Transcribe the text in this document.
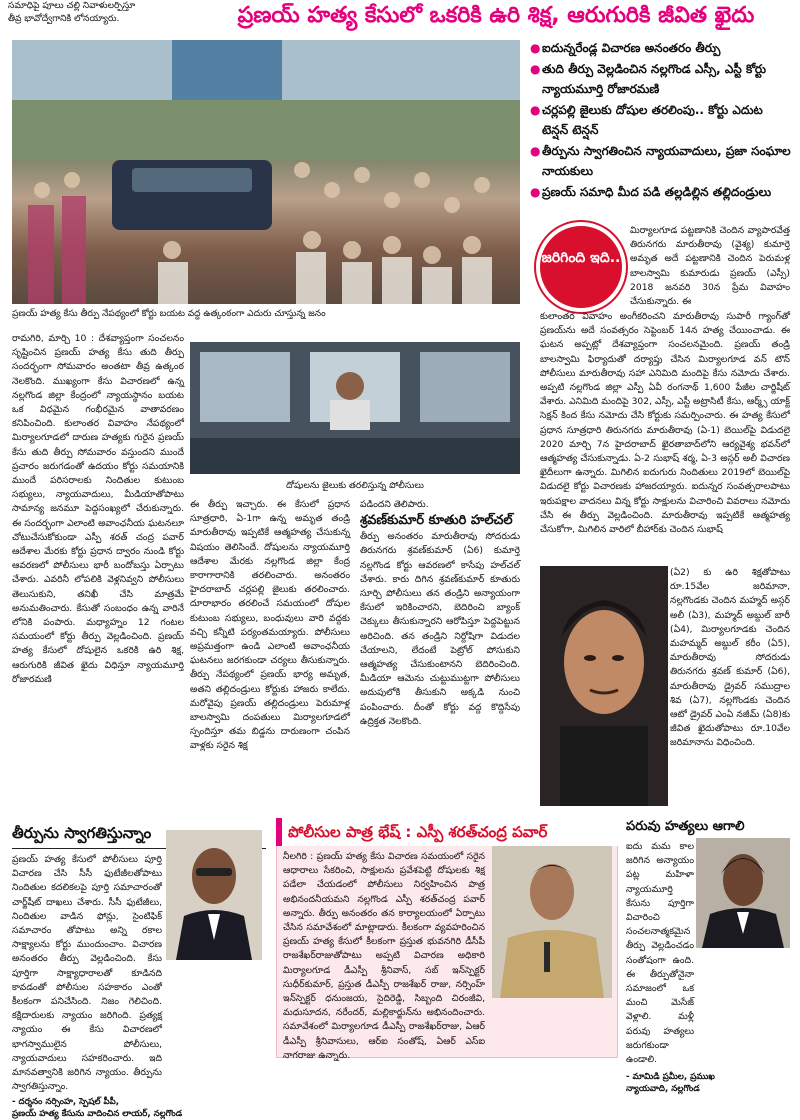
సమాధిపై పూలు చల్లి నివాళులర్పిస్తూ
తీవ్ర భావోద్వేగానికి లోనయ్యారు.	ప్రణయ్ హత్య కేసులో ఒకరికి ఉరి శిక్ష, ఆరుగురికి జీవిత ఖైదు
ప్రణయ్ హత్య కేసు తీర్పు నేపథ్యంలో కోర్టు బయట వద్ద ఉత్కంఠంగా ఎదురు చూస్తున్న జనం
● ఐదున్నరేండ్ల విచారణ అనంతరం తీర్పు
● తుది తీర్పు వెల్లడించిన నల్లగొండ ఎస్సీ, ఎస్టీ కోర్టు న్యాయమూర్తి రోజారమణి
● చర్లపల్లి జైలుకు దోషుల తరలింపు.. కోర్టు ఎదుట టెన్షన్ టెన్షన్
● తీర్పును స్వాగతించిన న్యాయవాదులు, ప్రజా సంఘాల నాయకులు
● ప్రణయ్ సమాధి మీద పడి తల్లడిల్లిన తల్లిదండ్రులు
జరిగింది ఇది..
మిర్యాలగూడ పట్టణానికి చెందిన వ్యాపారవేత్త తిరునగరు మారుతీరావు (వైశ్య) కుమార్తె అమృత అదే పట్టణానికి చెందిన పెరుమళ్ల బాలస్వామి కుమారుడు ప్రణయ్ (ఎస్సీ) 2018 జనవరి 30న ప్రేమ వివాహం చేసుకున్నారు. ఈ
కులాంతర వివాహం అంగీకరించని మారుతీరావు సుపారీ గ్యాంగ్‌తో ప్రణయ్‌ను అదే సంవత్సరం సెప్టెంబర్ 14న హత్య చేయించాడు. ఈ ఘటన అప్పట్లో దేశవ్యాప్తంగా సంచలనమైంది. ప్రణయ్ తండ్రి బాలస్వామి ఫిర్యాదుతో దర్యాప్తు చేసిన మిర్యాలగూడ వన్ టౌన్ పోలీసులు మారుతీరావు సహా ఎనిమిది మందిపై కేసు నమోదు చేశారు. అప్పటి నల్లగొండ జిల్లా ఎస్పీ ఏవీ రంగనాథ్ 1,600 పేజీల చార్జిషీట్ వేశారు. ఎనిమిది మందిపై 302, ఎస్సీ, ఎస్టీ అట్రాసిటీ కేసు, ఆర్మ్స్ యాక్ట్ సెక్షన్ కింద కేసు నమోదు చేసి కోర్టుకు సమర్పించారు. ఈ హత్య కేసులో ప్రధాన సూత్రధారి తిరునగరు మారుతీరావు (ఏ-1) బెయిల్‌పై విడుదలై 2020 మార్చి 7న హైదరాబాద్ ఖైరతాబాద్‌లోని ఆర్యవైశ్య భవన్‌లో ఆత్మహత్య చేసుకున్నాడు. ఏ-2 సుభాష్ శర్మ, ఏ-3 అస్గర్ అలీ విచారణ ఖైదీలుగా ఉన్నారు. మిగిలిన ఐదుగురు నిందితులు 2019లో బెయిల్‌పై విడుదలై కోర్టు విచారణకు హాజరయ్యారు. ఐదున్నర సంవత్సరాలపాటు ఇరుపక్షాల వాదనలు విన్న కోర్టు సాక్షులను విచారించి వివరాలు నమోదు చేసి ఈ తీర్పు వెల్లడించింది. మారుతీరావు ఇప్పటికే ఆత్మహత్య చేసుకోగా, మిగిలిన వారిలో బీహార్‌కు చెందిన సుభాష్
(ఏ2) కు ఉరి శిక్షతోపాటు రూ.15వేల జరిమానా, నల్లగొండకు చెందిన మహ్మద్ అస్గర్ అలీ (ఏ3), మహ్మద్ అబ్దుల్ బారీ (ఏ4), మిర్యాలగూడకు చెందిన మహమ్మద్ అబ్దుల్ కరీం (ఏ5), మారుతీరావు సోదరుడు తిరునగరు శ్రవణ్ కుమార్ (ఏ6), మారుతీరావు డ్రైవర్ సముద్రాల శివ (ఏ7), నల్లగొండకు చెందిన ఆటో డ్రైవర్ ఎంఏ నజీమ్ (ఏ8)కు జీవిత ఖైదుతోపాటు రూ.10వేల జరిమానాను విధించింది.
రామగిరి, మార్చి 10 : దేశవ్యాప్తంగా సంచలనం సృష్టించిన ప్రణయ్ హత్య కేసు తుది తీర్పు సందర్భంగా సోమవారం అంతటా తీవ్ర ఉత్కంఠ నెలకొంది. ముఖ్యంగా కేసు విచారణలో ఉన్న నల్లగొండ జిల్లా కేంద్రంలో న్యాయస్థానం బయట ఒక విధమైన గంభీరమైన వాతావరణం కనిపించింది. కులాంతర వివాహం నేపథ్యంలో మిర్యాలగూడలో దారుణ హత్యకు గురైన ప్రణయ్ కేసు తుది తీర్పు సోమవారం వస్తుందని ముందే ప్రచారం జరుగడంతో ఉదయం కోర్టు సమయానికి ముందే పరిసరాలకు నిందితుల కుటుంబ సభ్యులు, న్యాయవాదులు, మీడియాతోపాటు సామాన్య జనమూ పెద్దసంఖ్యలో చేరుకున్నారు. ఈ సందర్భంగా ఎలాంటి అవాంఛనీయ ఘటనలూ చోటుచేసుకోకుండా ఎస్పీ శరత్ చంద్ర పవార్ ఆదేశాల మేరకు కోర్టు ప్రధాన ద్వారం నుండి కోర్టు ఆవరణలో పోలీసులు భారీ బందోబస్తు ఏర్పాటు చేశారు. ఎవరినీ లోపలికి వెళ్లనివ్వని పోలీసులు తెలుసుకుని, తనిఖీ చేసి మాత్రమే అనుమతించారు. కేసుతో సంబంధం ఉన్న వారినే లోనికి పంపారు. మధ్యాహ్నం 12 గంటల సమయంలో కోర్టు తీర్పు వెల్లడించింది. ప్రణయ్ హత్య కేసులో దోషులైన ఒకరికి ఉరి శిక్ష, ఆరుగురికి జీవిత ఖైదు విధిస్తూ న్యాయమూర్తి రోజారమణి
దోషులను జైలుకు తరలిస్తున్న పోలీసులు
ఈ తీర్పు ఇచ్చారు. ఈ కేసులో ప్రధాన సూత్రధారి, ఏ-1గా ఉన్న అమృత తండ్రి మారుతీరావు ఇప్పటికే ఆత్మహత్య చేసుకున్న విషయం తెలిసిందే. దోషులను న్యాయమూర్తి ఆదేశాల మేరకు నల్లగొండ జిల్లా కేంద్ర కారాగారానికి తరలించారు. అనంతరం హైదరాబాద్ చర్లపల్లి జైలుకు తరలించారు. దూరాభారం తరలించే సమయంలో దోషుల కుటుంబ సభ్యులు, బంధువులు వారి వద్దకు వచ్చి కన్నీటి పర్యంతమయ్యారు. పోలీసులు అప్రమత్తంగా ఉండి ఎలాంటి అవాంఛనీయ ఘటనలు జరగకుండా చర్యలు తీసుకున్నారు. తీర్పు నేపథ్యంలో ప్రణయ్ భార్య అమృత, అతని తల్లిదండ్రులు కోర్టుకు హాజరు కాలేదు. మరోవైపు ప్రణయ్ తల్లిదండ్రులు పెరుమాళ్ల బాలస్వామి దంపతులు మిర్యాలగూడలో స్పందిస్తూ తమ బిడ్డను దారుణంగా చంపిన వాళ్లకు సరైన శిక్ష
పడిందని తెలిపారు.
శ్రవణ్‌కుమార్ కూతురి హల్‌చల్
తీర్పు అనంతరం మారుతీరావు సోదరుడు తిరునగరు శ్రవణ్‌కుమార్ (ఏ6) కుమార్తె నల్లగొండ కోర్టు ఆవరణలో కాసేపు హల్‌చల్ చేశారు. కారు దిగిన శ్రవణ్‌కుమార్ కూతురు సూర్చి పోలీసులు తన తండ్రిని అన్యాయంగా కేసులో ఇరికించారని, బెదిరించి బ్యాంక్ చెక్కులు తీసుకున్నారని ఆరోపిస్తూ పెద్దపెట్టున అరిచింది. తన తండ్రిని నిర్దోషిగా విడుదల చేయాలని, లేదంటే పెట్రోల్ పోసుకుని ఆత్మహత్య చేసుకుంటానని బెదిరించింది. మీడియా ఆమెను చుట్టుముట్టగా పోలీసులు అదుపులోకి తీసుకుని అక్కడి నుంచి పంపించారు. దీంతో కోర్టు వద్ద కొద్దిసేపు ఉద్రిక్తత నెలకొంది.
తీర్పును స్వాగతిస్తున్నాం
ప్రణయ్ హత్య కేసులో పోలీసులు పూర్తి విచారణ చేసి సీసీ ఫుటేజీలతోపాటు నిందితుల కదలికలపై పూర్తి సమాచారంతో చార్జ్‌షీట్ దాఖలు చేశారు. సీసీ ఫుటేజీలు, నిందితుల వాడిన ఫోన్లు, సైంటిఫిక్ సమాచారం తోపాటు అన్ని రకాల సాక్ష్యాలను కోర్టు ముందుంచాం. విచారణ అనంతరం తీర్పు వెల్లడించింది. కేసు పూర్తిగా సాక్ష్యాధారాలతో కూడినది కావడంతో పోలీసుల సహకారం ఎంతో కీలకంగా పనిచేసింది. నిజం గెలిచింది. కక్షిదారులకు న్యాయం జరిగింది. ప్రత్యక్ష న్యాయం ఈ కేసు విచారణలో భాగస్వాములైన పోలీసులు, న్యాయవాదులు సహకరించారు. ఇది మానవత్వానికి జరిగిన న్యాయం. తీర్పును స్వాగతిస్తున్నాం.
- దర్శనం నర్సింహ, స్పెషల్ పీపీ,
ప్రణయ్ హత్య కేసును వాదించిన లాయర్, నల్లగొండ
పోలీసుల పాత్ర భేష్ : ఎస్పీ శరత్‌చంద్ర పవార్
నీలగిరి : ప్రణయ్ హత్య కేసు విచారణ సమయంలో సరైన ఆధారాలు సేకరించి, సాక్షులను ప్రవేశపెట్టి దోషులకు శిక్ష పడేలా చేయడంలో పోలీసులు నిర్వహించిన పాత్ర అభినందనీయమని నల్లగొండ ఎస్పీ శరత్‌చంద్ర పవార్ అన్నారు. తీర్పు అనంతరం తన కార్యాలయంలో ఏర్పాటు చేసిన సమావేశంలో మాట్లాడారు. కీలకంగా వ్యవహరించిన ప్రణయ్ హత్య కేసులో కీలకంగా ప్రస్తుత భువనగిరి డీసీపీ రాజశేఖర్‌రాజుతోపాటు అప్పటి విచారణ అధికారి మిర్యాలగూడ డీఎస్పీ శ్రీనివాస్, సబ్ ఇన్‌స్పెక్టర్ సుధీర్‌కుమార్, ప్రస్తుత డీఎస్పీ రాజశేఖర్ రాజు, నర్సింహ్ ఇన్‌స్పెక్టర్ ధనుంజయ, సైదిరెడ్డి, సిబ్బంది చిరంజీవి, మధుసూదన, నరేందర్, మల్లికార్జున్‌ను అభినందించారు. సమావేశంలో మిర్యాలగూడ డీఎస్పీ రాజశేఖర్‌రాజు, ఏఆర్ డీఎస్పీ శ్రీనివాసులు, ఆర్ఐ సంతోష్, ఏఆర్ ఎస్ఐ నాగరాజు ఉన్నారు.
పరువు హత్యలు ఆగాలి
ఐదు మమ కాల జరిగిన అన్యాయం పట్ల మహిళా న్యాయమూర్తి కేసును పూర్తిగా విచారించి సంచలనాత్మకమైన తీర్పు వెల్లడించడం సంతోషంగా ఉంది. ఈ తీర్పుతోనైనా సమాజంలో ఒక మంచి మెసేజ్ వెళ్లాలి. మళ్లీ పరువు హత్యలు జరుగకుండా ఉండాలి.
- మామిడి ప్రమీల, ప్రముఖ
న్యాయవాది, నల్లగొండ
